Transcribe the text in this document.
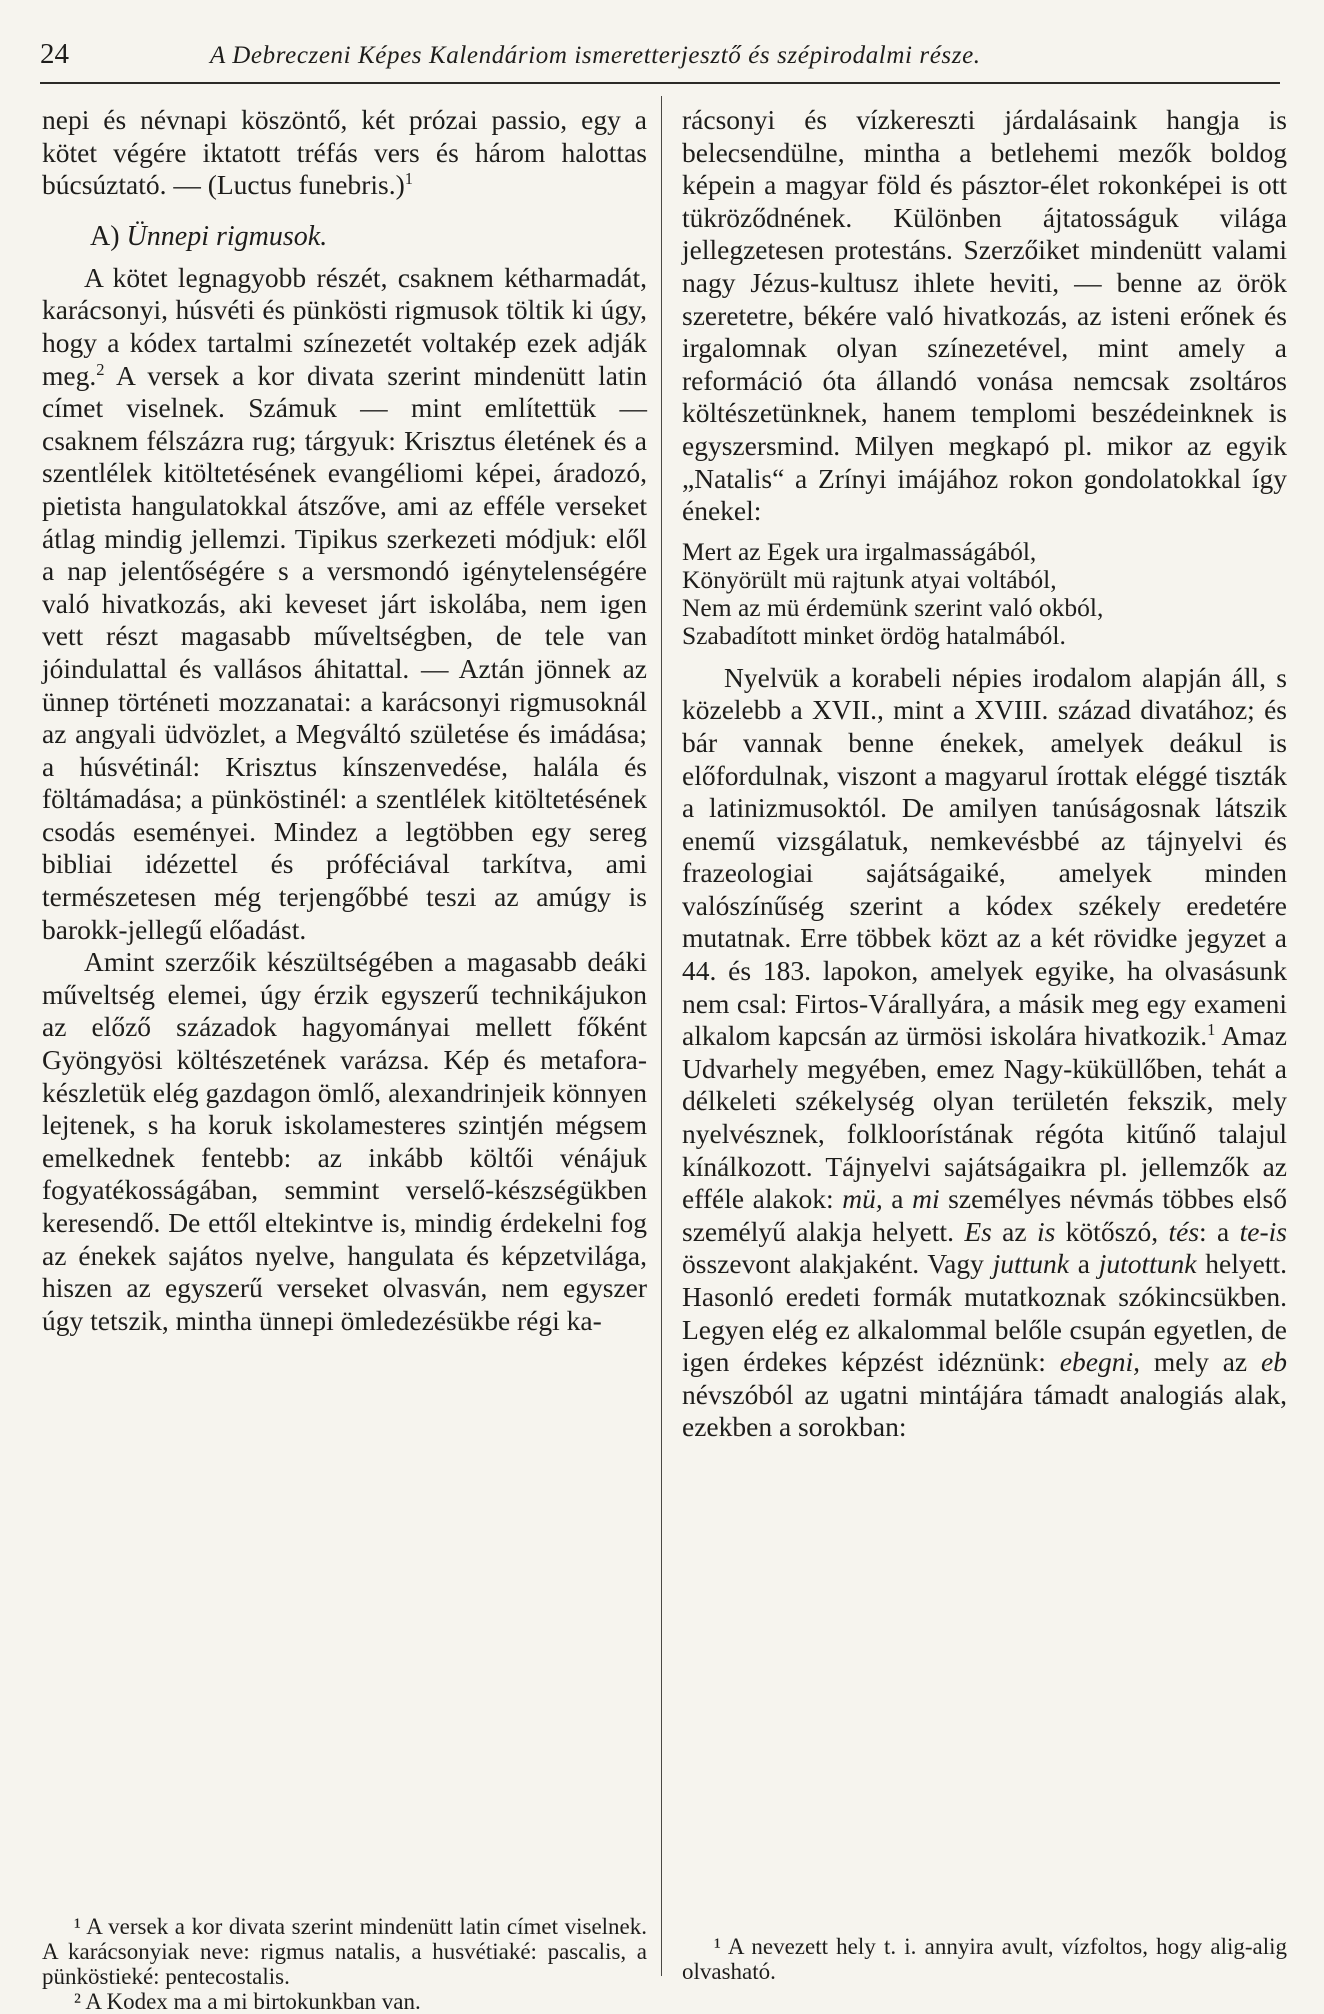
24	A Debreczeni Képes Kalendáriom ismeretterjesztő és szépirodalmi része.

nepi és névnapi köszöntő, két prózai passio, egy a kötet végére iktatott tréfás vers és három halottas búcsúztató. — (Luctus funebris.)$^1$

A) Ünnepi rigmusok.

A kötet legnagyobb részét, csaknem kétharmadát, karácsonyi, húsvéti és pünkösti rigmusok töltik ki úgy, hogy a kódex tartalmi színezetét voltakép ezek adják meg.$^2$ A versek a kor divata szerint mindenütt latin címet viselnek. Számuk — mint említettük — csaknem félszázra rug; tárgyuk: Krisztus életének és a szentlélek kitöltetésének evangéliomi képei, áradozó, pietista hangulatokkal átszőve, ami az efféle verseket átlag mindig jellemzi. Tipikus szerkezeti módjuk: elől a nap jelentőségére s a versmondó igénytelenségére való hivatkozás, aki keveset járt iskolába, nem igen vett részt magasabb műveltségben, de tele van jóindulattal és vallásos áhitattal. — Aztán jönnek az ünnep történeti mozzanatai: a karácsonyi rigmusoknál az angyali üdvözlet, a Megváltó születése és imádása; a húsvétinál: Krisztus kínszenvedése, halála és föltámadása; a pünköstinél: a szentlélek kitöltetésének csodás eseményei. Mindez a legtöbben egy sereg bibliai idézettel és próféciával tarkítva, ami természetesen még terjengőbbé teszi az amúgy is barokk-jellegű előadást.

Amint szerzőik készültségében a magasabb deáki műveltség elemei, úgy érzik egyszerű technikájukon az előző századok hagyományai mellett főként Gyöngyösi költészetének varázsa. Kép és metafora-készletük elég gazdagon ömlő, alexandrinjeik könnyen lejtenek, s ha koruk iskolamesteres szintjén mégsem emelkednek fentebb: az inkább költői vénájuk fogyatékosságában, semmint verselő-készségükben keresendő. De ettől eltekintve is, mindig érdekelni fog az énekek sajátos nyelve, hangulata és képzetvilága, hiszen az egyszerű verseket olvasván, nem egyszer úgy tetszik, mintha ünnepi ömledezésükbe régi ka-

¹ A versek a kor divata szerint mindenütt latin címet viselnek. A karácsonyiak neve: rigmus natalis, a husvétiaké: pascalis, a pünköstieké: pentecostalis.

² A Kodex ma a mi birtokunkban van.

rácsonyi és vízkereszti járdalásaink hangja is belecsendülne, mintha a betlehemi mezők boldog képein a magyar föld és pásztor-élet rokonképei is ott tükröződnének. Különben ájtatosságuk világa jellegzetesen protestáns. Szerzőiket mindenütt valami nagy Jézus-kultusz ihlete heviti, — benne az örök szeretetre, békére való hivatkozás, az isteni erőnek és irgalomnak olyan színezetével, mint amely a reformáció óta állandó vonása nemcsak zsoltáros költészetünknek, hanem templomi beszédeinknek is egyszersmind. Milyen megkapó pl. mikor az egyik „Natalis“ a Zrínyi imájához rokon gondolatokkal így énekel:

Mert az Egek ura irgalmasságából,
Könyörült mü rajtunk atyai voltából,
Nem az mü érdemünk szerint való okból,
Szabadított minket ördög hatalmából.

Nyelvük a korabeli népies irodalom alapján áll, s közelebb a XVII., mint a XVIII. század divatához; és bár vannak benne énekek, amelyek deákul is előfordulnak, viszont a magyarul írottak eléggé tiszták a latinizmusoktól. De amilyen tanúságosnak látszik enemű vizsgálatuk, nemkevésbbé az tájnyelvi és frazeologiai sajátságaiké, amelyek minden valószínűség szerint a kódex székely eredetére mutatnak. Erre többek közt az a két rövidke jegyzet a 44. és 183. lapokon, amelyek egyike, ha olvasásunk nem csal: Firtos-Várallyára, a másik meg egy exameni alkalom kapcsán az ürmösi iskolára hivatkozik.$^1$ Amaz Udvarhely megyében, emez Nagy-küküllőben, tehát a délkeleti székelység olyan területén fekszik, mely nyelvésznek, folkloorístának régóta kitűnő talajul kínálkozott. Tájnyelvi sajátságaikra pl. jellemzők az efféle alakok: mü, a mi személyes névmás többes első személyű alakja helyett. Es az is kötőszó, tés: a te-is összevont alakjaként. Vagy juttunk a jutottunk helyett. Hasonló eredeti formák mutatkoznak szókincsükben. Legyen elég ez alkalommal belőle csupán egyetlen, de igen érdekes képzést idéznünk: ebegni, mely az eb névszóból az ugatni mintájára támadt analogiás alak, ezekben a sorokban:

¹ A nevezett hely t. i. annyira avult, vízfoltos, hogy alig-alig olvasható.
